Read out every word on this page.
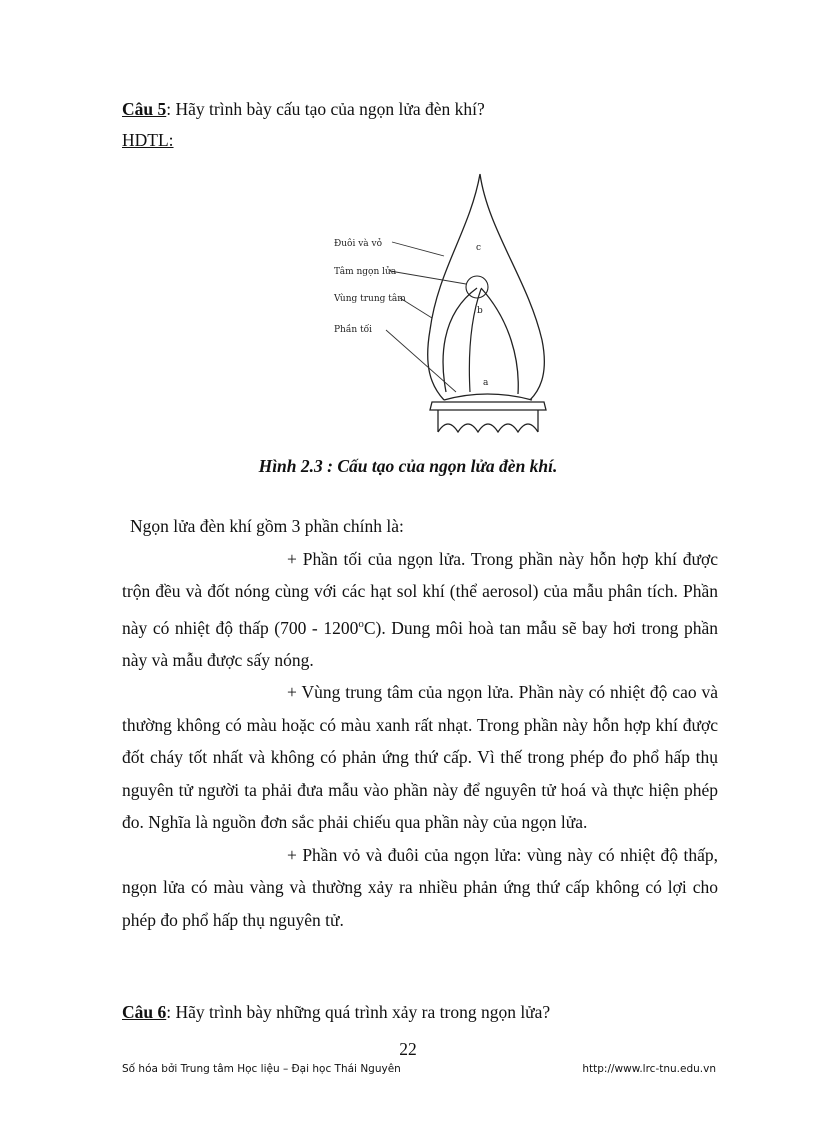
Câu 5: Hãy trình bày cấu tạo của ngọn lửa đèn khí?
HDTL:
Đuôi và vỏ
Tâm ngọn lửa
Vùng trung tâm
Phần tối
c
b
a
Hình 2.3 : Cấu tạo của ngọn lửa đèn khí.

Ngọn lửa đèn khí gồm 3 phần chính là:

+ Phần tối của ngọn lửa. Trong phần này hỗn hợp khí được trộn đều và đốt nóng cùng với các hạt sol khí (thể aerosol) của mẫu phân tích. Phần này có nhiệt độ thấp (700 - 1200$^o$C). Dung môi hoà tan mẫu sẽ bay hơi trong phần này và mẫu được sấy nóng.

+ Vùng trung tâm của ngọn lửa. Phần này có nhiệt độ cao và thường không có màu hoặc có màu xanh rất nhạt. Trong phần này hỗn hợp khí được đốt cháy tốt nhất và không có phản ứng thứ cấp. Vì thế trong phép đo phổ hấp thụ nguyên tử người ta phải đưa mẫu vào phần này để nguyên tử hoá và thực hiện phép đo. Nghĩa là nguồn đơn sắc phải chiếu qua phần này của ngọn lửa.

+ Phần vỏ và đuôi của ngọn lửa: vùng này có nhiệt độ thấp, ngọn lửa có màu vàng và thường xảy ra nhiều phản ứng thứ cấp không có lợi cho phép đo phổ hấp thụ nguyên tử.

Câu 6: Hãy trình bày những quá trình xảy ra trong ngọn lửa?
22
Số hóa bởi Trung tâm Học liệu – Đại học Thái Nguyên	http://www.lrc-tnu.edu.vn
